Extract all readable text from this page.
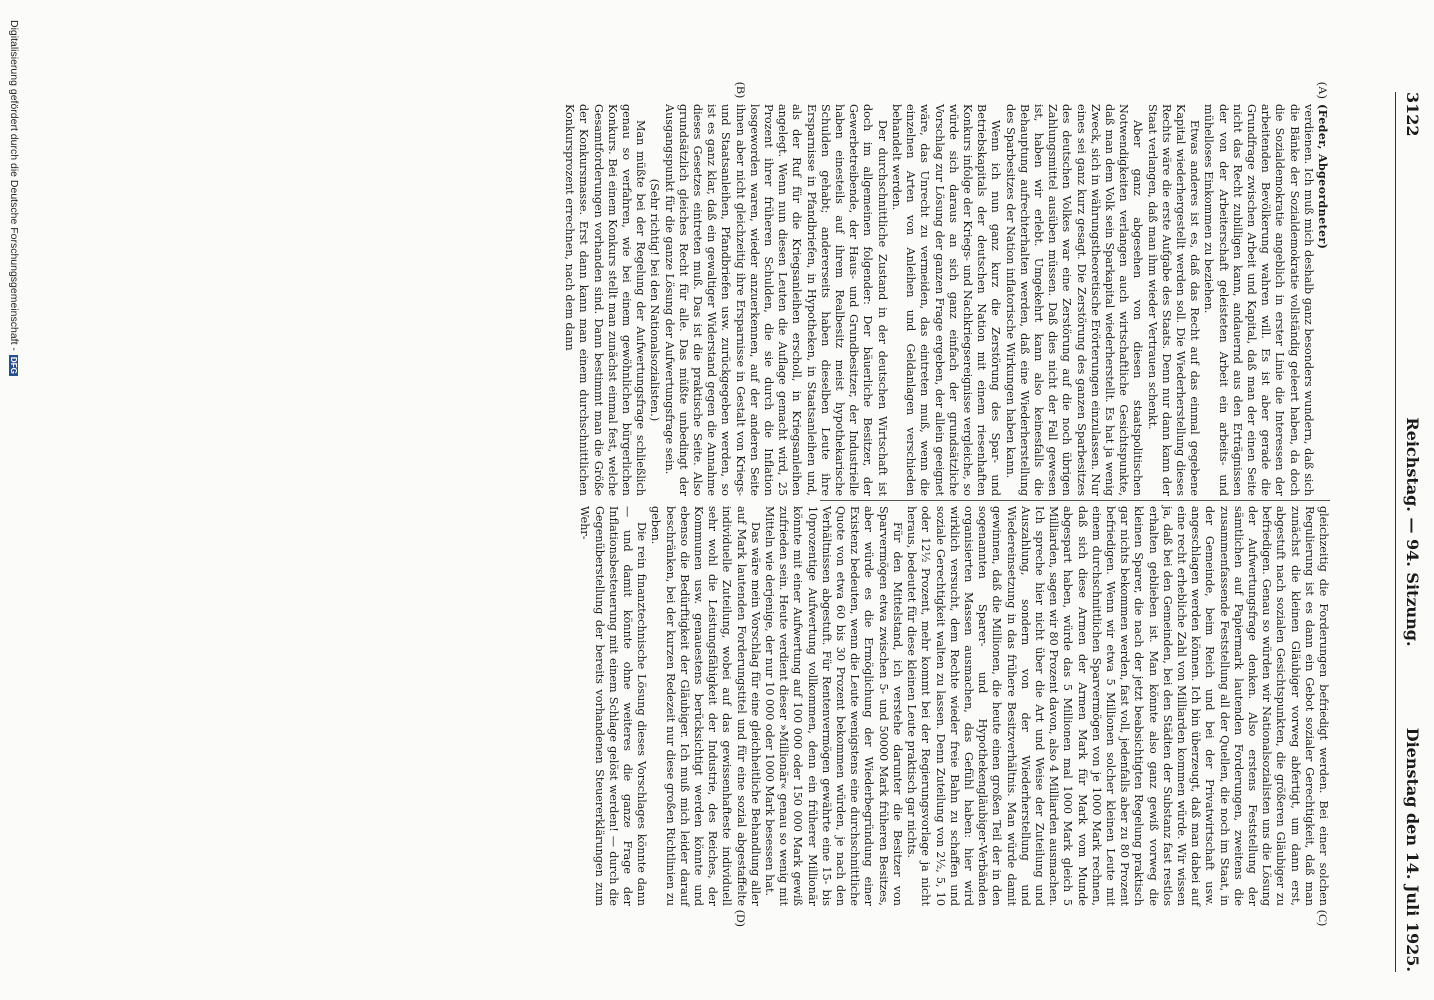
Digitalisierung gefördert durch die Deutsche Forschungsgemeinschaft -DFG
3122
Reichstag. — 94. Sitzung.
Dienstag den 14. Juli 1925.
(A)
(B)
(C)
(D)

(Feder, Abgeordneter)

verdienen. Ich muß mich deshalb ganz besonders wundern, daß sich die Bänke der Sozialdemokratie vollständig geleert haben, da doch die Sozialdemokratie angeblich in erster Linie die Interessen der arbeitenden Bevölkerung wahren will. Es ist aber gerade die Grundfrage zwischen Arbeit und Kapital, daß man der einen Seite nicht das Recht zubilligen kann, andauernd aus den Erträgnissen der von der Arbeiterschaft geleisteten Arbeit ein arbeits- und mühelloses Einkommen zu beziehen.

Etwas anderes ist es, daß das Recht auf das einmal gegebene Kapital wiederhergestellt werden soll. Die Wiederherstellung dieses Rechts wäre die erste Aufgabe des Staats. Denn nur dann kann der Staat verlangen, daß man ihm wieder Vertrauen schenkt.

Aber ganz abgesehen von diesen staatspolitischen Notwendigkeiten verlangen auch wirtschaftliche Gesichtspunkte, daß man dem Volk sein Sparkapital wiederherstellt. Es hat ja wenig Zweck, sich in währungstheoretische Erörterungen einzulassen. Nur eines sei ganz kurz gesagt. Die Zerstörung des ganzen Sparbesitzes des deutschen Volkes war eine Zerstörung auf die noch übrigen Zahlungsmittel ausüben müssen. Daß dies nicht der Fall gewesen ist, haben wir erlebt. Umgekehrt kann also keinesfalls die Behauptung aufrechterhalten werden, daß eine Wiederherstellung des Sparbesitzes der Nation inflatorische Wirkungen haben kann.

Wenn ich nun ganz kurz die Zerstörung des Spar- und Betriebskapitals der deutschen Nation mit einem riesenhaften Konkurs infolge der Kriegs- und Nachkriegsereignisse vergleiche, so würde sich daraus an sich ganz einfach der grundsätzliche Vorschlag zur Lösung der ganzen Frage ergeben, der allein geeignet wäre, das Unrecht zu vermeiden, das eintreten muß, wenn die einzelnen Arten von Anleihen und Geldanlagen verschieden behandelt werden.

Der durchschnittliche Zustand in der deutschen Wirtschaft ist doch im allgemeinen folgender: Der bäuerliche Besitzer, der Gewerbetreibende, der Haus- und Grundbesitzer, der Industrielle haben einesteils auf ihrem Realbesitz meist hypothekarische Schulden gehabt; andererseits haben dieselben Leute ihre Ersparnisse in Pfandbriefen, in Hypotheken, in Staatsanleihen und, als der Ruf für die Kriegsanleihen erscholl, in Kriegsanleihen angelegt. Wenn nun diesen Leuten die Auflage gemacht wird, 25 Prozent ihrer früheren Schulden, die sie durch die Inflation losgeworden waren, wieder anzuerkennen, auf der anderen Seite ihnen aber nicht gleichzeitig ihre Ersparnisse in Gestalt von Kriegs- und Staatsanleihen, Pfandbriefen usw. zurückgegeben werden, so ist es ganz klar, daß ein gewaltiger Widerstand gegen die Annahme dieses Gesetzes eintreten muß. Das ist die praktische Seite. Also grundsätzlich gleiches Recht für alle. Das müßte unbedingt der Ausgangspunkt für die ganze Lösung der Aufwertungsfrage sein.

(Sehr richtig! bei den Nationalsozialisten.)

Man müßte bei der Regelung der Aufwertungsfrage schließlich genau so verfahren, wie bei einem gewöhnlichen bürgerlichen Konkurs. Bei einem Konkurs stellt man zunächst einmal fest, welche Gesamtforderungen vorhanden sind. Dann bestimmt man die Größe der Konkursmasse. Erst dann kann man einem durchschnittlichen Konkursprozent errechnen, nach dem dann

gleichzeitig die Forderungen befriedigt werden. Bei einer solchen Regulierung ist es dann ein Gebot sozialer Gerechtigkeit, daß man zunächst die kleinen Gläubiger vorweg abfertigt, um dann erst, abgestuft nach sozialen Gesichtspunkten, die größeren Gläubiger zu befriedigen. Genau so würden wir Nationalsozialisten uns die Lösung der Aufwertungsfrage denken. Also erstens Feststellung der sämtlichen auf Papiermark lautenden Forderungen, zweitens die zusammenfassende Feststellung all der Quellen, die noch im Staat, in der Gemeinde, beim Reich und bei der Privatwirtschaft usw. angeschlagen werden können. Ich bin überzeugt, daß man dabei auf eine recht erhebliche Zahl von Milliarden kommen würde. Wir wissen ja, daß bei den Gemeinden, bei den Städten der Substanz fast restlos erhalten geblieben ist. Man könnte also ganz gewiß vorweg die kleinen Sparer, die nach der jetzt beabsichtigten Regelung praktisch gar nichts bekommen werden, fast voll, jedenfalls aber zu 80 Prozent befriedigen. Wenn wir etwa 5 Millionen solcher kleinen Leute mit einem durchschnittlichen Sparvermögen von je 1000 Mark rechnen, daß sich diese Armen der Armen Mark für Mark vom Munde abgespart haben, würde das 5 Millionen mal 1000 Mark gleich 5 Milliarden, sagen wir 80 Prozent davon, also 4 Milliarden ausmachen. Ich spreche hier nicht über die Art und Weise der Zuteilung und Auszahlung, sondern von der Wiederherstellung und Wiedereinsetzung in das frühere Besitzverhältnis. Man würde damit gewinnen, daß die Millionen, die heute einen großen Teil der in den sogenannten Sparer- und Hypothekengläubiger-Verbänden organisierten Massen ausmachen, das Gefühl haben: hier wird wirklich versucht, dem Rechte wieder freie Bahn zu schaffen und soziale Gerechtigkeit walten zu lassen. Denn Zuteilung von 2½, 5, 10 oder 12½ Prozent, mehr kommt bei der Regierungsvorlage ja nicht heraus, bedeutet für diese kleinen Leute praktisch gar nichts.

Für den Mittelstand, ich verstehe darunter die Besitzer von Sparvermögen etwa zwischen 5- und 50000 Mark früheren Besitzes, aber würde es die Ermöglichung der Wiederbegründung einer Existenz bedeuten, wenn die Leute wenigstens eine durchschnittliche Quote von etwa 60 bis 30 Prozent bekommen würden, je nach den Verhältnissen abgestuft. Für Rentenvermögen gewährte eine 15- bis 10prozentige Aufwertung vollkommen, denn ein früherer Millionär könnte mit einer Aufwertung auf 100 000 oder 150 000 Mark gewiß zufrieden sein. Heute verdient dieser »Millionär« genau so wenig mit Mitteln wie derjenige, der nur 10 000 oder 1000 Mark besessen hat.

Das wäre mein Vorschlag für eine gleichheitliche Behandlung aller auf Mark lautenden Forderungstitel und für eine sozial abgestaffelte individuelle Zuteilung, wobei auf das gewissenhafteste individuell sehr wohl die Leistungsfähigkeit der Industrie, des Reiches, der Kommunen usw. genauestens berücksichtigt werden könnte und ebenso die Bedürftigkeit der Gläubiger. Ich muß mich leider darauf beschränken, bei der kurzen Redezeit nur diese großen Richtlinien zu geben.

Die rein finanztechnische Lösung dieses Vorschlages könnte dann — und damit könnte ohne weiteres die ganze Frage der Inflationsbesteuerung mit einem Schlage gelöst werden! — durch die Gegenüberstellung der bereits vorhandenen Steuererklärungen zum Wehr-
